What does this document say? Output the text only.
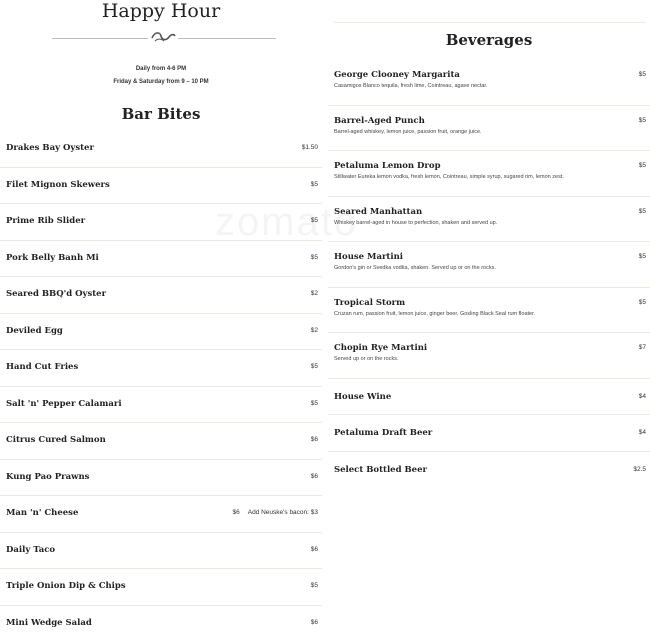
Happy Hour
Daily from 4-6 PM
Friday & Saturday from 9 – 10 PM
Bar Bites
Drakes Bay Oyster	$1.50
Filet Mignon Skewers	$5
Prime Rib Slider	$5
Pork Belly Banh Mi	$5
Seared BBQ'd Oyster	$2
Deviled Egg	$2
Hand Cut Fries	$5
Salt 'n' Pepper Calamari	$5
Citrus Cured Salmon	$6
Kung Pao Prawns	$6
Man 'n' Cheese	$6 Add Neuske's bacon: $3
Daily Taco	$6
Triple Onion Dip & Chips	$5
Mini Wedge Salad	$6
Beverages
George Clooney Margarita	$5
Casamigos Blanco tequila, fresh lime, Cointreau, agave nectar.
Barrel-Aged Punch	$5
Barrel-aged whiskey, lemon juice, passion fruit, orange juice.
Petaluma Lemon Drop	$5
Stillwater Eureka lemon vodka, fresh lemon, Cointreau, simple syrup, sugared rim, lemon zest.
Seared Manhattan	$5
Whiskey barrel-aged in house to perfection, shaken and served up.
House Martini	$5
Gordon's gin or Svedka vodka, shaken. Served up or on the rocks.
Tropical Storm	$5
Cruzan rum, passion fruit, lemon juice, ginger beer, Gosling Black Seal rum floater.
Chopin Rye Martini	$7
Served up or on the rocks.
House Wine	$4
Petaluma Draft Beer	$4
Select Bottled Beer	$2.5
